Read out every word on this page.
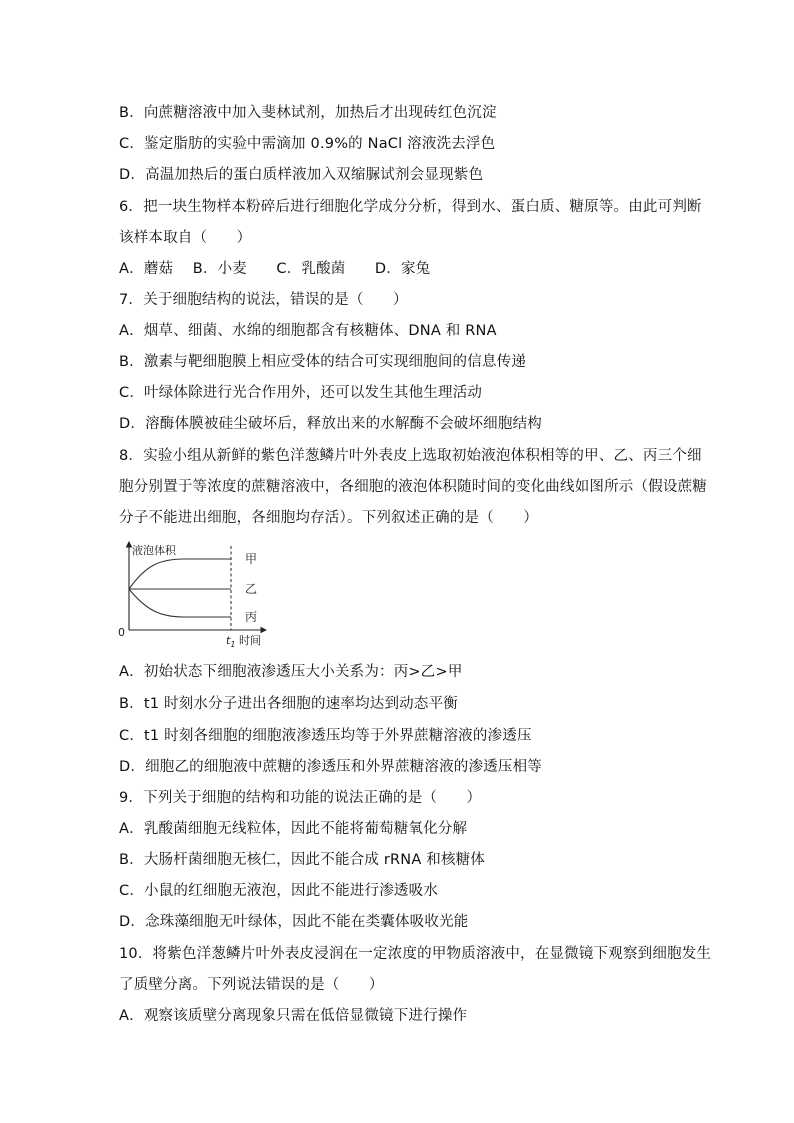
B．向蔗糖溶液中加入斐林试剂，加热后才出现砖红色沉淀
C．鉴定脂肪的实验中需滴加 0.9%的 NaCl 溶液洗去浮色
D．高温加热后的蛋白质样液加入双缩脲试剂会显现紫色
6．把一块生物样本粉碎后进行细胞化学成分分析，得到水、蛋白质、糖原等。由此可判断
该样本取自（　　）
A．蘑菇　 B．小麦　　C．乳酸菌　　D．家兔
7．关于细胞结构的说法，错误的是（　　）
A．烟草、细菌、水绵的细胞都含有核糖体、DNA 和 RNA
B．激素与靶细胞膜上相应受体的结合可实现细胞间的信息传递
C．叶绿体除进行光合作用外，还可以发生其他生理活动
D．溶酶体膜被硅尘破坏后，释放出来的水解酶不会破坏细胞结构
8．实验小组从新鲜的紫色洋葱鳞片叶外表皮上选取初始液泡体积相等的甲、乙、丙三个细
胞分别置于等浓度的蔗糖溶液中，各细胞的液泡体积随时间的变化曲线如图所示（假设蔗糖
分子不能进出细胞，各细胞均存活）。下列叙述正确的是（　　）
液泡体积
0
$t_1$ 时间
甲
乙
丙
A．初始状态下细胞液渗透压大小关系为：丙>乙>甲
B．t1 时刻水分子进出各细胞的速率均达到动态平衡
C．t1 时刻各细胞的细胞液渗透压均等于外界蔗糖溶液的渗透压
D．细胞乙的细胞液中蔗糖的渗透压和外界蔗糖溶液的渗透压相等
9．下列关于细胞的结构和功能的说法正确的是（　　）
A．乳酸菌细胞无线粒体，因此不能将葡萄糖氧化分解
B．大肠杆菌细胞无核仁，因此不能合成 rRNA 和核糖体
C．小鼠的红细胞无液泡，因此不能进行渗透吸水
D．念珠藻细胞无叶绿体，因此不能在类囊体吸收光能
10．将紫色洋葱鳞片叶外表皮浸润在一定浓度的甲物质溶液中，在显微镜下观察到细胞发生
了质壁分离。下列说法错误的是（　　）
A．观察该质壁分离现象只需在低倍显微镜下进行操作
